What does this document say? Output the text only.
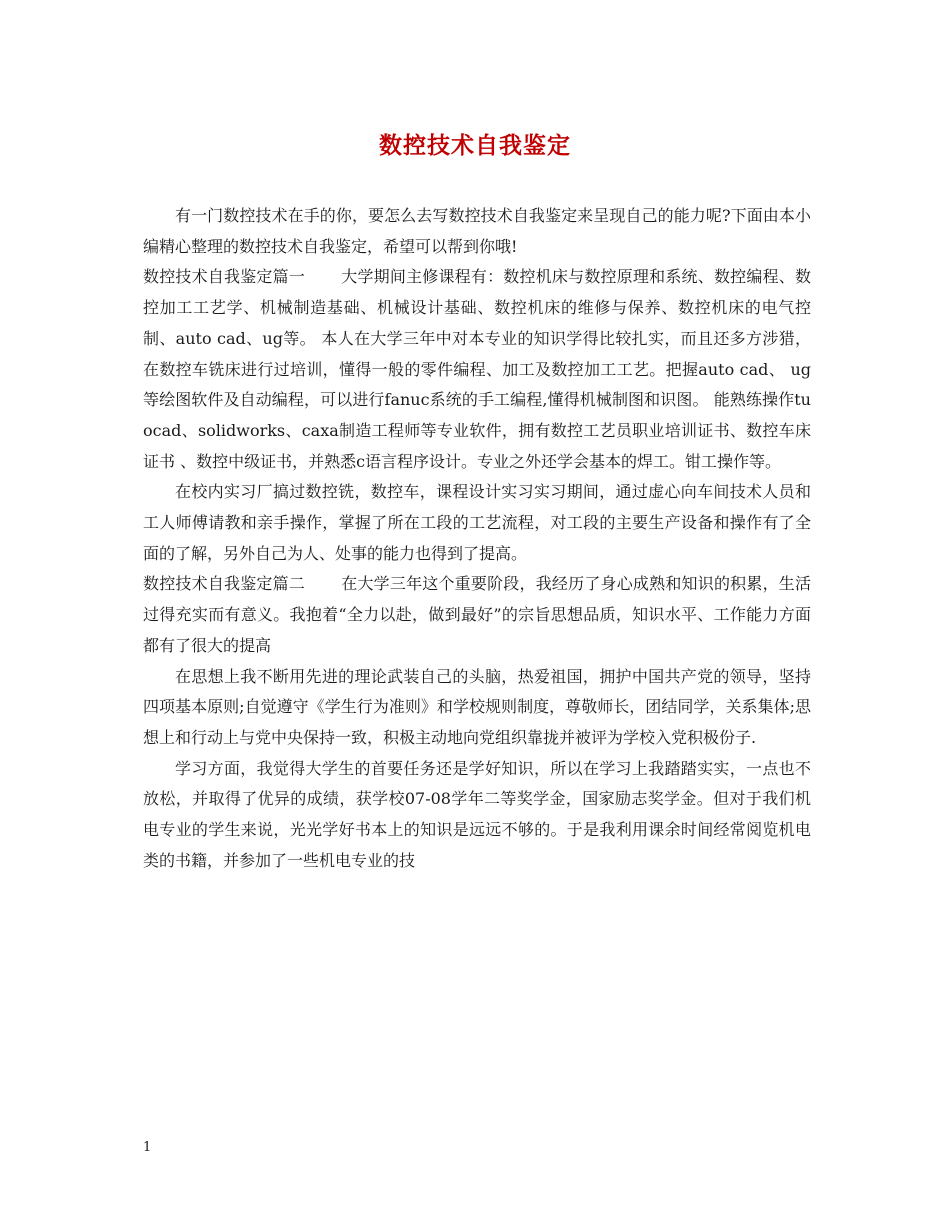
数控技术自我鉴定

有一门数控技术在手的你，要怎么去写数控技术自我鉴定来呈现自己的能力呢?下面由本小编精心整理的数控技术自我鉴定，希望可以帮到你哦!

数控技术自我鉴定篇一 大学期间主修课程有：数控机床与数控原理和系统、数控编程、数控加工工艺学、机械制造基础、机械设计基础、数控机床的维修与保养、数控机床的电气控制、auto cad、ug等。 本人在大学三年中对本专业的知识学得比较扎实，而且还多方涉猎，在数控车铣床进行过培训，懂得一般的零件编程、加工及数控加工工艺。把握auto cad、 ug等绘图软件及自动编程，可以进行fanuc系统的手工编程,懂得机械制图和识图。 能熟练操作tuocad、solidworks、caxa制造工程师等专业软件，拥有数控工艺员职业培训证书、数控车床证书 、数控中级证书，并熟悉c语言程序设计。专业之外还学会基本的焊工。钳工操作等。

在校内实习厂搞过数控铣，数控车，课程设计实习实习期间，通过虚心向车间技术人员和工人师傅请教和亲手操作，掌握了所在工段的工艺流程，对工段的主要生产设备和操作有了全面的了解，另外自己为人、处事的能力也得到了提高。

数控技术自我鉴定篇二 在大学三年这个重要阶段，我经历了身心成熟和知识的积累，生活过得充实而有意义。我抱着“全力以赴，做到最好”的宗旨思想品质，知识水平、工作能力方面都有了很大的提高

在思想上我不断用先进的理论武装自己的头脑，热爱祖国，拥护中国共产党的领导，坚持四项基本原则;自觉遵守《学生行为准则》和学校规则制度，尊敬师长，团结同学，关系集体;思想上和行动上与党中央保持一致，积极主动地向党组织靠拢并被评为学校入党积极份子.

学习方面，我觉得大学生的首要任务还是学好知识，所以在学习上我踏踏实实，一点也不放松，并取得了优异的成绩，获学校07-08学年二等奖学金，国家励志奖学金。但对于我们机电专业的学生来说，光光学好书本上的知识是远远不够的。于是我利用课余时间经常阅览机电类的书籍，并参加了一些机电专业的技

1
